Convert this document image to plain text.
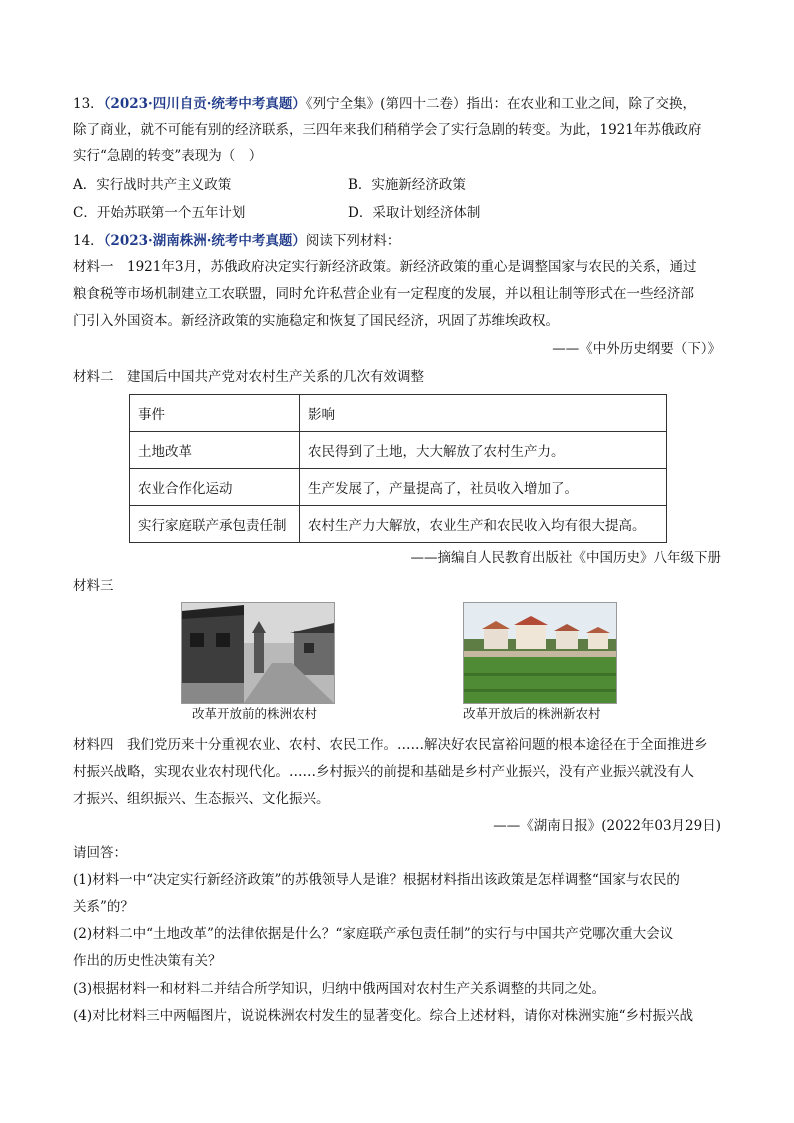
13．（2023·四川自贡·统考中考真题）《列宁全集》(第四十二卷）指出：在农业和工业之间，除了交换，
除了商业，就不可能有别的经济联系，三四年来我们稍稍学会了实行急剧的转变。为此，1921年苏俄政府
实行“急剧的转变”表现为（　）
A．实行战时共产主义政策	B．实施新经济政策
C．开始苏联第一个五年计划	D．采取计划经济体制
14．（2023·湖南株洲·统考中考真题）阅读下列材料：
材料一　1921年3月，苏俄政府决定实行新经济政策。新经济政策的重心是调整国家与农民的关系，通过
粮食税等市场机制建立工农联盟，同时允许私营企业有一定程度的发展，并以租让制等形式在一些经济部
门引入外国资本。新经济政策的实施稳定和恢复了国民经济，巩固了苏维埃政权。
——《中外历史纲要（下）》
材料二　建国后中国共产党对农村生产关系的几次有效调整
事件	影响
土地改革	农民得到了土地，大大解放了农村生产力。
农业合作化运动	生产发展了，产量提高了，社员收入增加了。
实行家庭联产承包责任制	农村生产力大解放，农业生产和农民收入均有很大提高。
——摘编自人民教育出版社《中国历史》八年级下册
材料三
改革开放前的株洲农村	改革开放后的株洲新农村
材料四　我们党历来十分重视农业、农村、农民工作。……解决好农民富裕问题的根本途径在于全面推进乡
村振兴战略，实现农业农村现代化。……乡村振兴的前提和基础是乡村产业振兴，没有产业振兴就没有人
才振兴、组织振兴、生态振兴、文化振兴。
——《湖南日报》(2022年03月29日)
请回答：
(1)材料一中“决定实行新经济政策”的苏俄领导人是谁？根据材料指出该政策是怎样调整“国家与农民的
关系”的？
(2)材料二中“土地改革”的法律依据是什么？“家庭联产承包责任制”的实行与中国共产党哪次重大会议
作出的历史性决策有关？
(3)根据材料一和材料二并结合所学知识，归纳中俄两国对农村生产关系调整的共同之处。
(4)对比材料三中两幅图片，说说株洲农村发生的显著变化。综合上述材料，请你对株洲实施“乡村振兴战
